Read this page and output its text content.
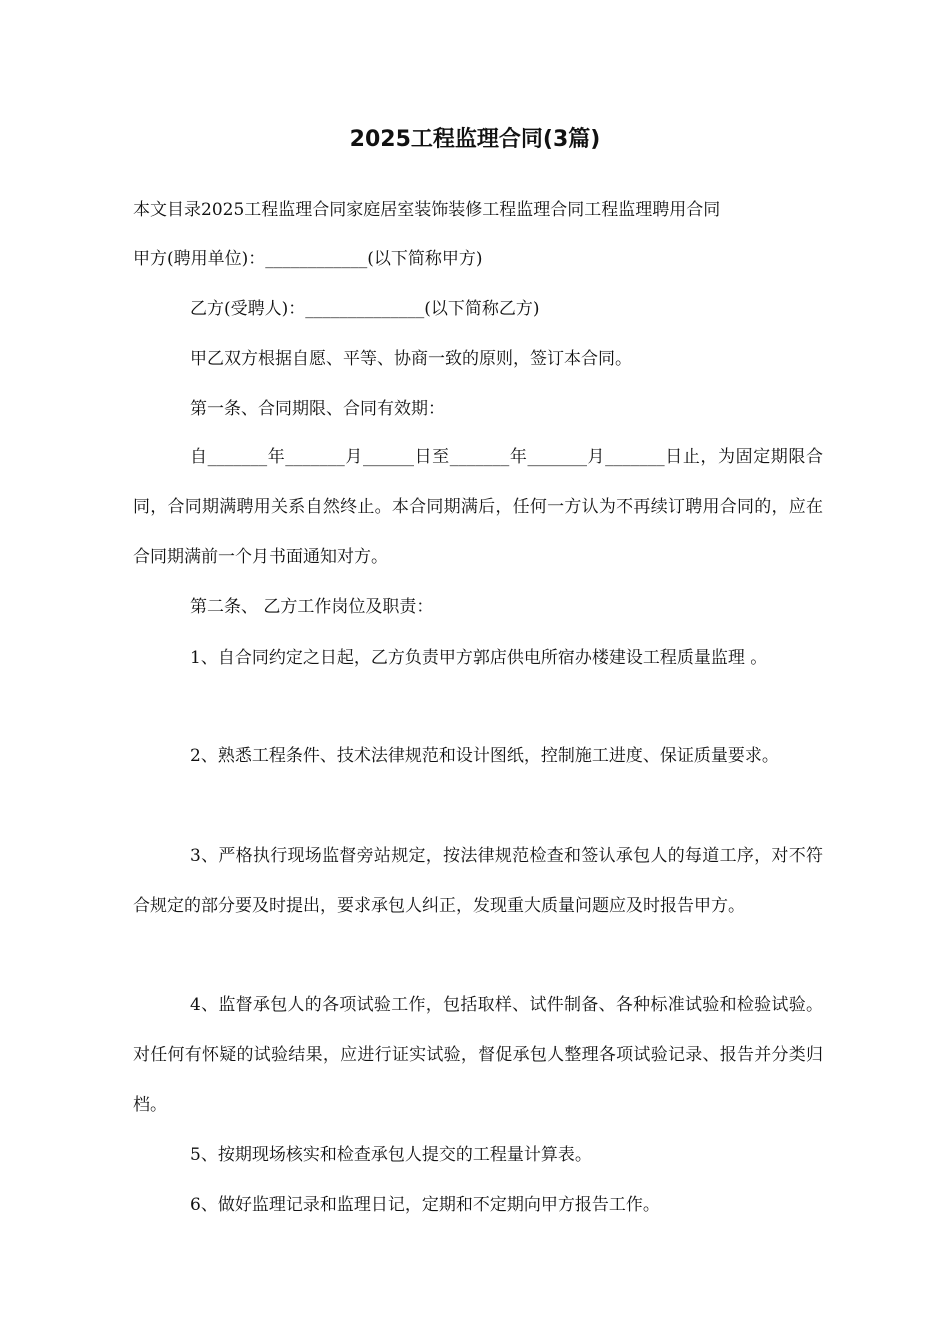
2025工程监理合同(3篇)

本文目录2025工程监理合同家庭居室装饰装修工程监理合同工程监理聘用合同

甲方(聘用单位)：____________(以下简称甲方)

乙方(受聘人)：______________(以下简称乙方)

甲乙双方根据自愿、平等、协商一致的原则，签订本合同。

第一条、合同期限、合同有效期：

自_______年_______月______日至_______年_______月_______日止，为固定期限合同，合同期满聘用关系自然终止。本合同期满后，任何一方认为不再续订聘用合同的，应在合同期满前一个月书面通知对方。

第二条、 乙方工作岗位及职责：

1、自合同约定之日起，乙方负责甲方郭店供电所宿办楼建设工程质量监理 。

2、熟悉工程条件、技术法律规范和设计图纸，控制施工进度、保证质量要求。

3、严格执行现场监督旁站规定，按法律规范检查和签认承包人的每道工序，对不符合规定的部分要及时提出，要求承包人纠正，发现重大质量问题应及时报告甲方。

4、监督承包人的各项试验工作，包括取样、试件制备、各种标准试验和检验试验。对任何有怀疑的试验结果，应进行证实试验，督促承包人整理各项试验记录、报告并分类归档。

5、按期现场核实和检查承包人提交的工程量计算表。

6、做好监理记录和监理日记，定期和不定期向甲方报告工作。
